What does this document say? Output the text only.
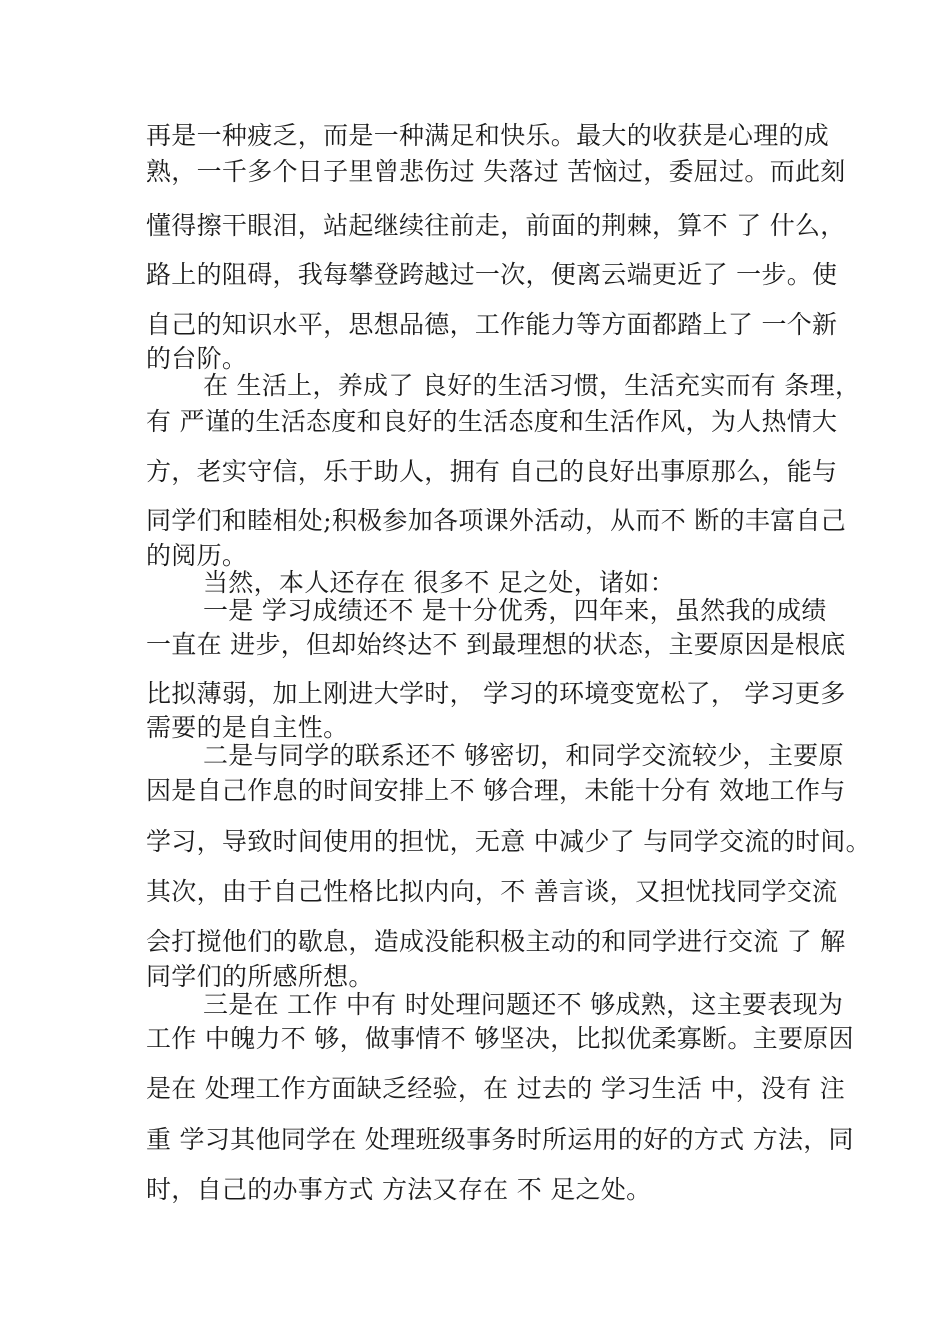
再是一种疲乏，而是一种满足和快乐。最大的收获是心理的成

熟，一千多个日子里曾悲伤过 失落过 苦恼过，委屈过。而此刻

懂得擦干眼泪，站起继续往前走，前面的荆棘，算不 了 什么，

路上的阻碍，我每攀登跨越过一次，便离云端更近了 一步。使

自己的知识水平，思想品德，工作能力等方面都踏上了 一个新

的台阶。

在 生活上，养成了 良好的生活习惯，生活充实而有 条理，

有 严谨的生活态度和良好的生活态度和生活作风，为人热情大

方，老实守信，乐于助人，拥有 自己的良好出事原那么，能与

同学们和睦相处;积极参加各项课外活动，从而不 断的丰富自己

的阅历。

当然，本人还存在 很多不 足之处，诸如：

一是 学习成绩还不 是十分优秀，四年来，虽然我的成绩

一直在 进步，但却始终达不 到最理想的状态，主要原因是根底

比拟薄弱，加上刚进大学时， 学习的环境变宽松了， 学习更多

需要的是自主性。

二是与同学的联系还不 够密切，和同学交流较少，主要原

因是自己作息的时间安排上不 够合理，未能十分有 效地工作与

学习，导致时间使用的担忧，无意 中减少了 与同学交流的时间。

其次，由于自己性格比拟内向，不 善言谈，又担忧找同学交流

会打搅他们的歇息，造成没能积极主动的和同学进行交流 了 解

同学们的所感所想。

三是在 工作 中有 时处理问题还不 够成熟，这主要表现为

工作 中魄力不 够，做事情不 够坚决，比拟优柔寡断。主要原因

是在 处理工作方面缺乏经验，在 过去的 学习生活 中，没有 注

重 学习其他同学在 处理班级事务时所运用的好的方式 方法，同

时，自己的办事方式 方法又存在 不 足之处。
